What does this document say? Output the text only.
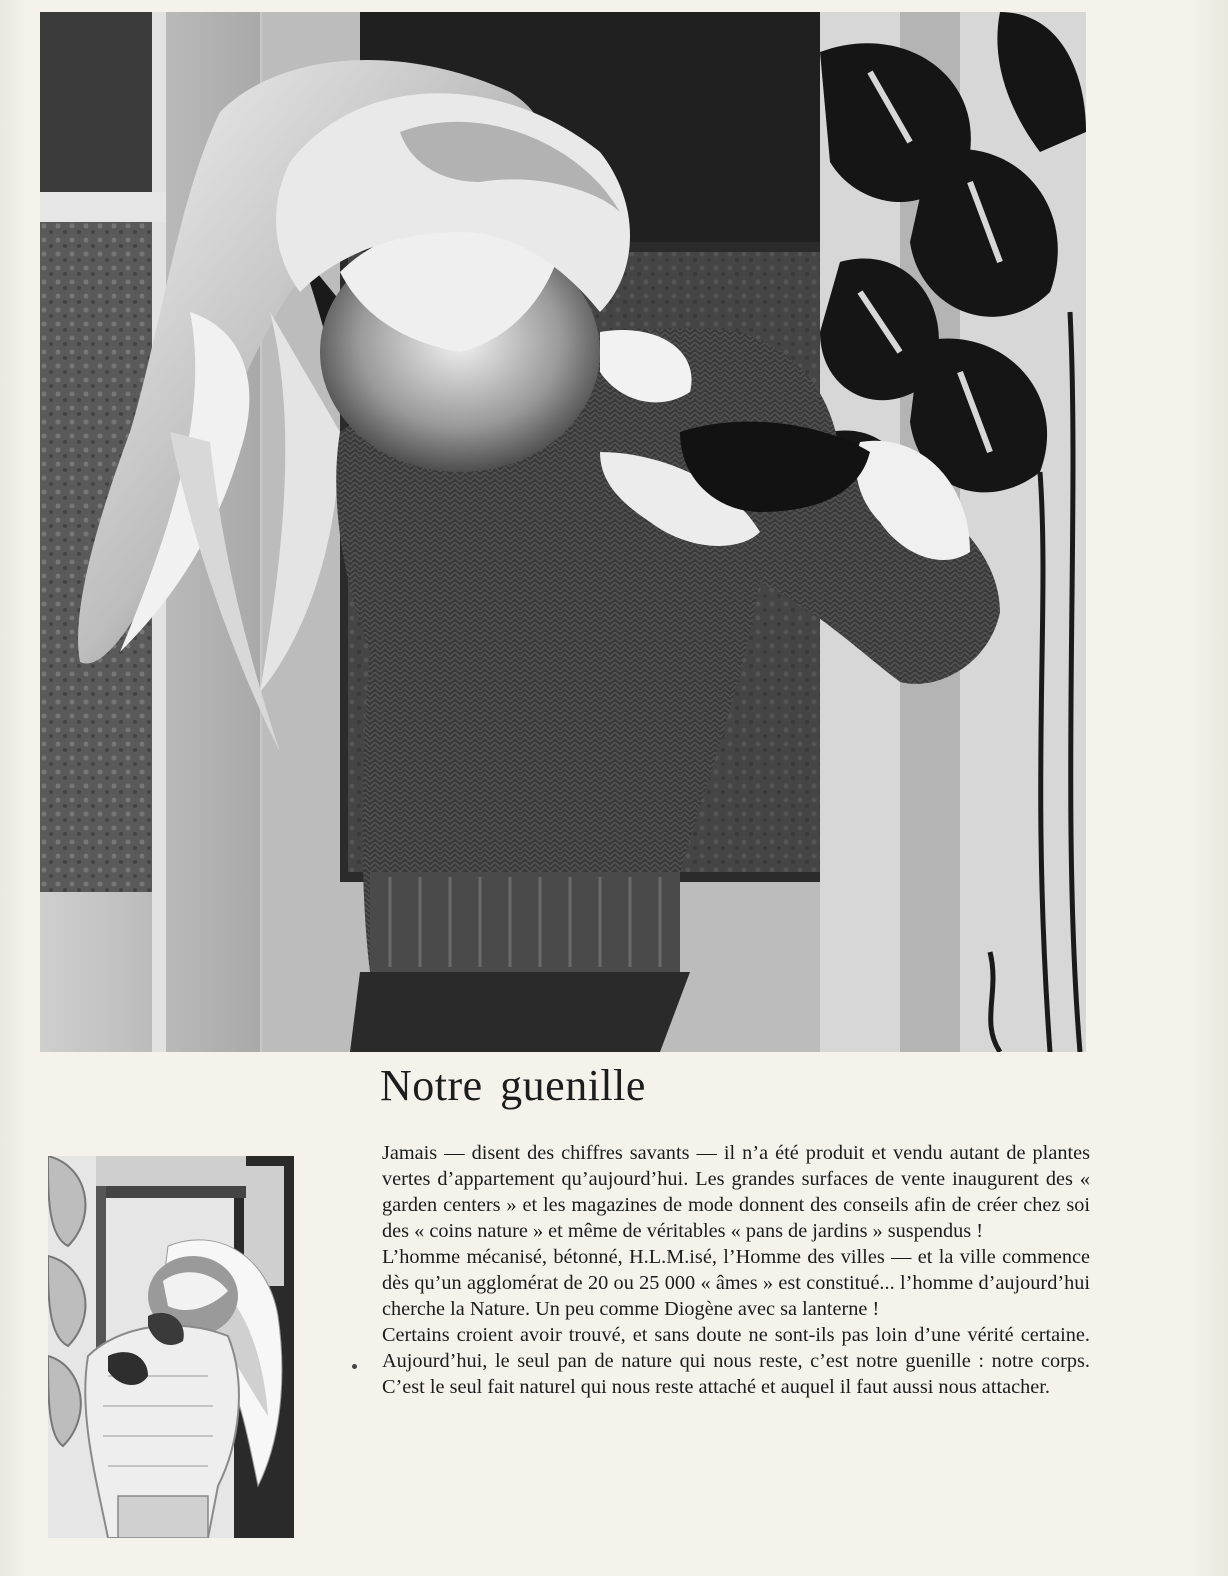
Notre guenille

Jamais — disent des chiffres savants — il n’a été produit et vendu autant de plantes vertes d’appartement qu’aujourd’hui. Les grandes surfaces de vente inaugurent des « garden centers » et les magazines de mode donnent des conseils afin de créer chez soi des « coins nature » et même de véritables « pans de jardins » suspendus !

L’homme mécanisé, bétonné, H.L.M.isé, l’Homme des villes — et la ville commence dès qu’un agglomérat de 20 ou 25 000 « âmes » est constitué... l’homme d’aujourd’hui cherche la Nature. Un peu comme Diogène avec sa lanterne !

Certains croient avoir trouvé, et sans doute ne sont-ils pas loin d’une vérité certaine. Aujourd’hui, le seul pan de nature qui nous reste, c’est notre guenille : notre corps. C’est le seul fait naturel qui nous reste attaché et auquel il faut aussi nous attacher.
